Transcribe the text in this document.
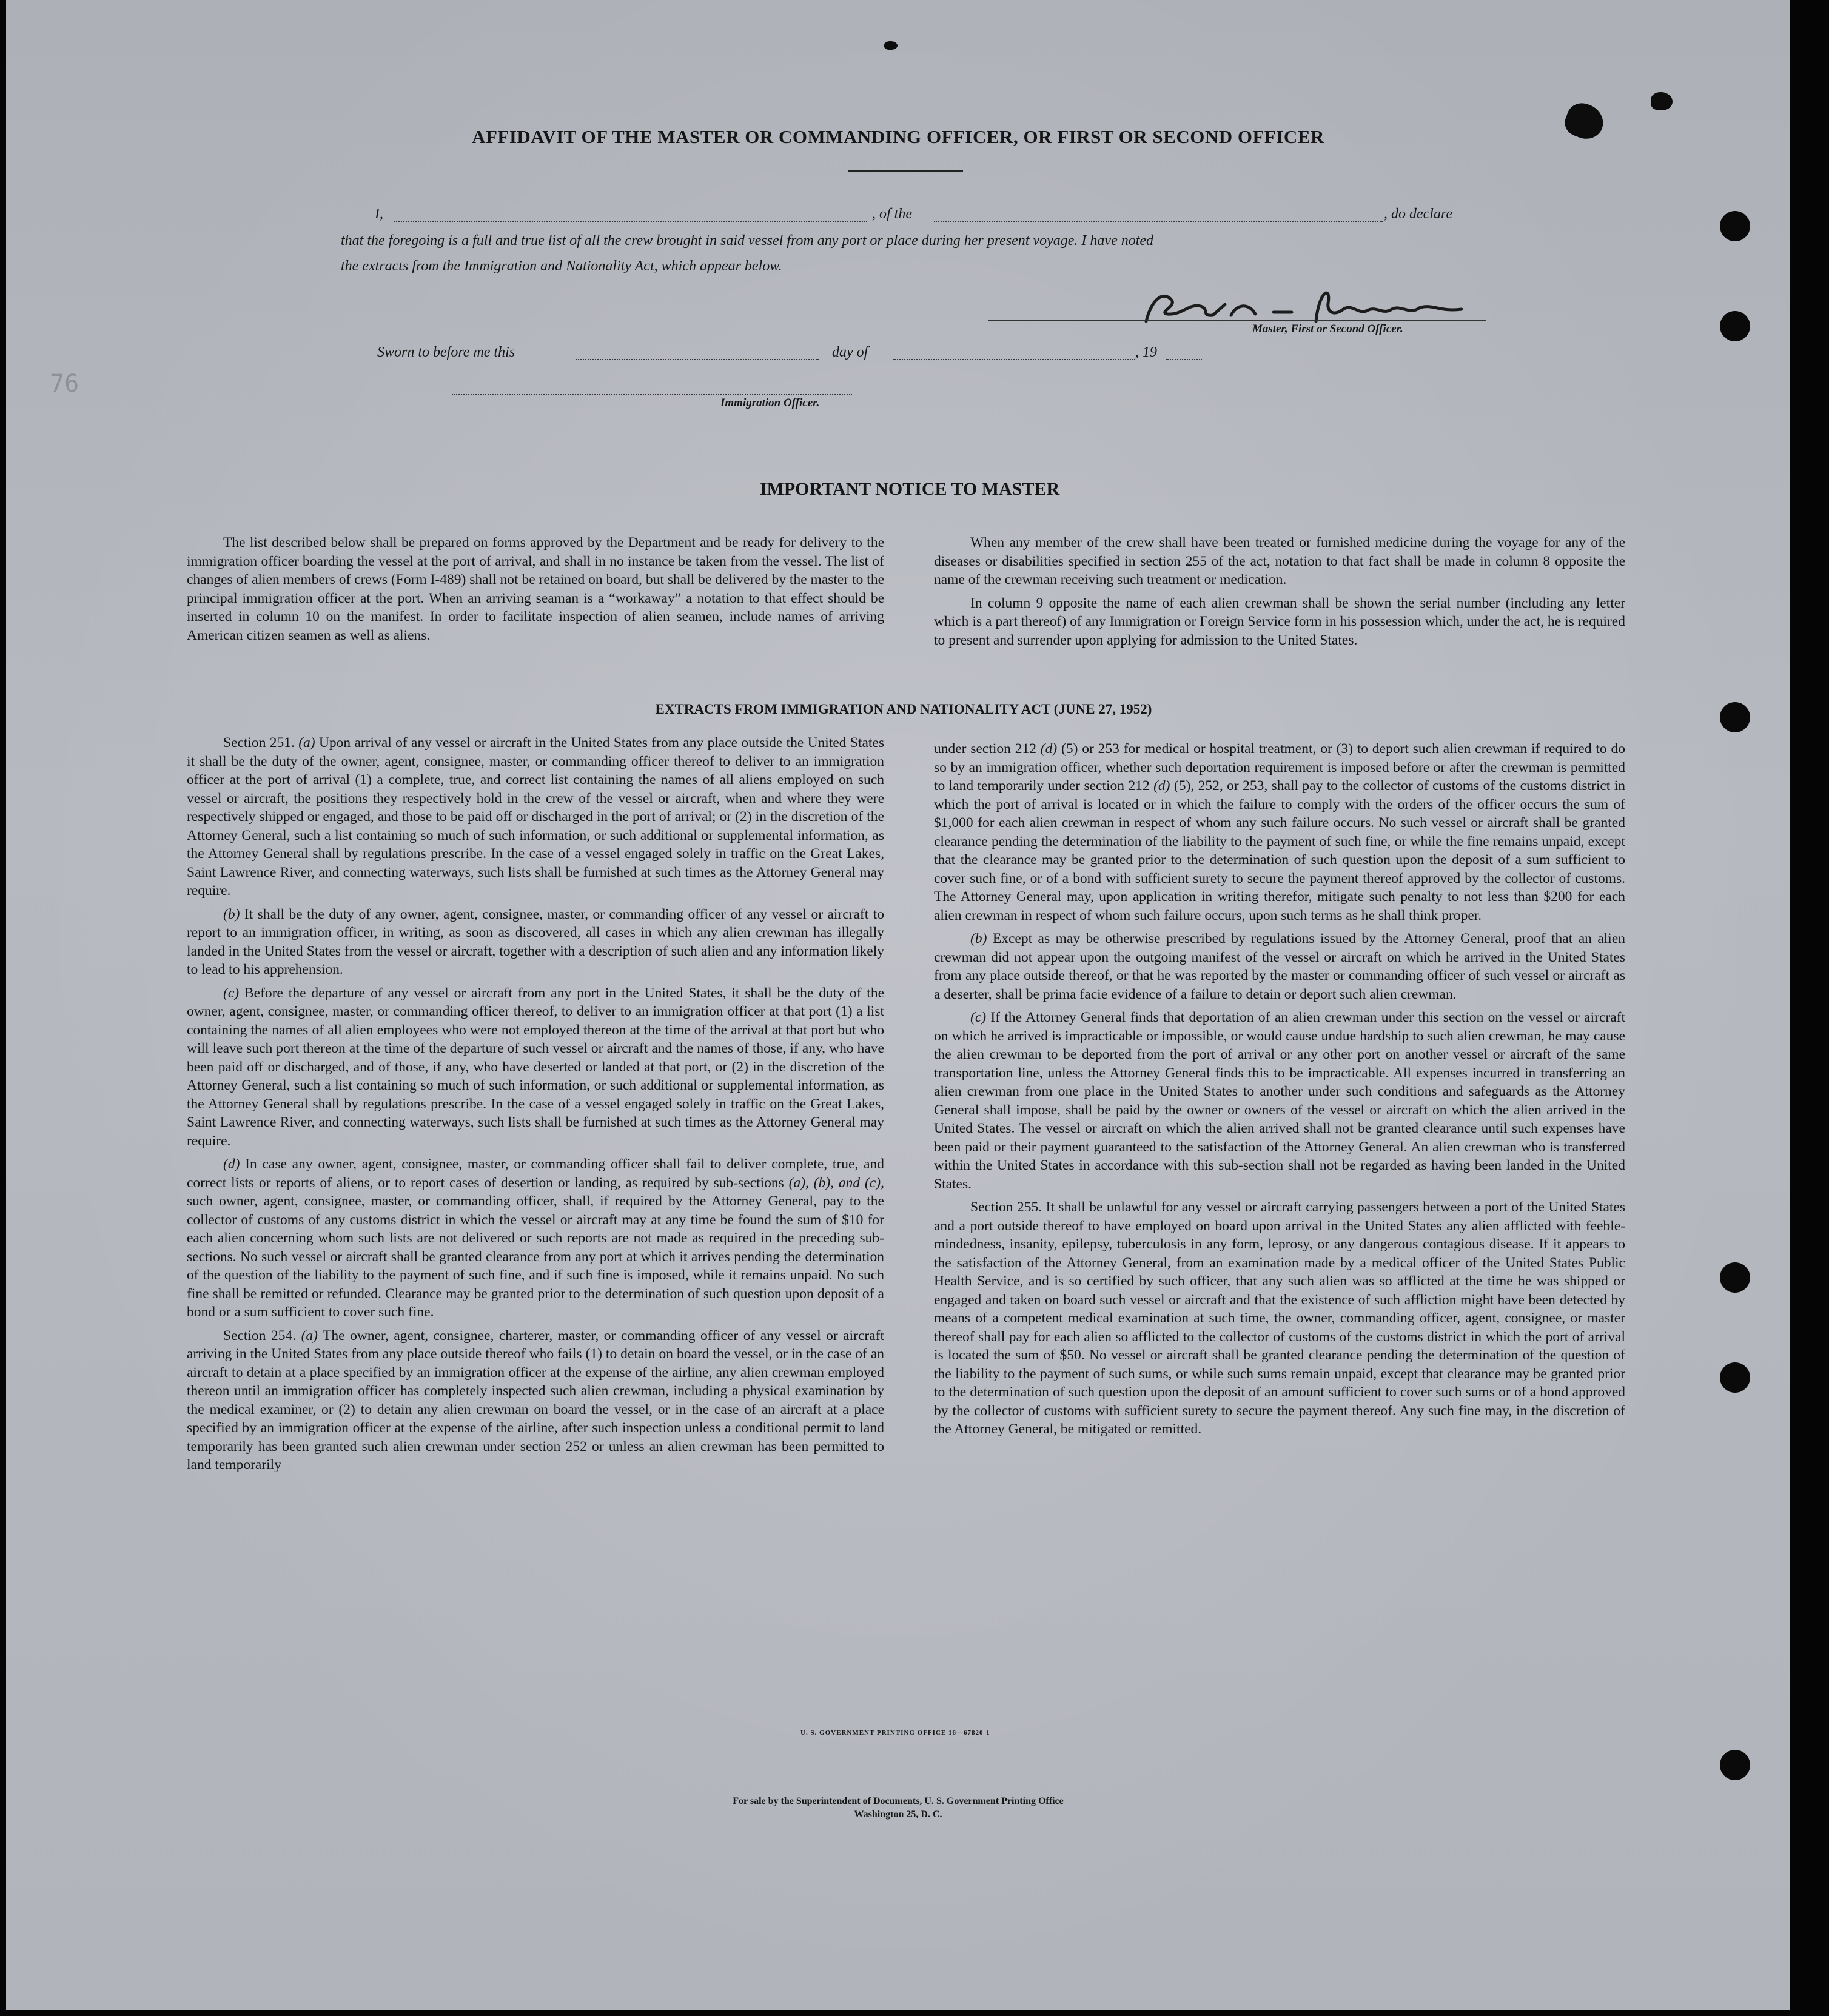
76
AFFIDAVIT OF THE MASTER OR COMMANDING OFFICER, OR FIRST OR SECOND OFFICER
I,	, of the	, do declare
that the foregoing is a full and true list of all the crew brought in said vessel from any port or place during her present voyage. I have noted
the extracts from the Immigration and Nationality Act, which appear below.
Master, First or Second Officer.
Sworn to before me this	day of	, 19
Immigration Officer.
IMPORTANT NOTICE TO MASTER

The list described below shall be prepared on forms approved by the Department and be ready for delivery to the immigration officer boarding the vessel at the port of arrival, and shall in no instance be taken from the vessel. The list of changes of alien members of crews (Form I-489) shall not be retained on board, but shall be delivered by the master to the principal immigration officer at the port. When an arriving seaman is a “workaway” a notation to that effect should be inserted in column 10 on the manifest. In order to facilitate inspection of alien seamen, include names of arriving American citizen seamen as well as aliens.

When any member of the crew shall have been treated or furnished medicine during the voyage for any of the diseases or disabilities specified in section 255 of the act, notation to that fact shall be made in column 8 opposite the name of the crewman receiving such treatment or medication.

In column 9 opposite the name of each alien crewman shall be shown the serial number (including any letter which is a part thereof) of any Immigration or Foreign Service form in his possession which, under the act, he is required to present and surrender upon applying for admission to the United States.

EXTRACTS FROM IMMIGRATION AND NATIONALITY ACT (JUNE 27, 1952)

Section 251. (a) Upon arrival of any vessel or aircraft in the United States from any place outside the United States it shall be the duty of the owner, agent, consignee, master, or commanding officer thereof to deliver to an immigration officer at the port of arrival (1) a complete, true, and correct list containing the names of all aliens employed on such vessel or aircraft, the positions they respectively hold in the crew of the vessel or aircraft, when and where they were respectively shipped or engaged, and those to be paid off or discharged in the port of arrival; or (2) in the discretion of the Attorney General, such a list containing so much of such information, or such additional or supplemental information, as the Attorney General shall by regulations prescribe. In the case of a vessel engaged solely in traffic on the Great Lakes, Saint Lawrence River, and connecting waterways, such lists shall be furnished at such times as the Attorney General may require.

(b) It shall be the duty of any owner, agent, consignee, master, or commanding officer of any vessel or aircraft to report to an immigration officer, in writing, as soon as discovered, all cases in which any alien crewman has illegally landed in the United States from the vessel or aircraft, together with a description of such alien and any information likely to lead to his apprehension.

(c) Before the departure of any vessel or aircraft from any port in the United States, it shall be the duty of the owner, agent, consignee, master, or commanding officer thereof, to deliver to an immigration officer at that port (1) a list containing the names of all alien employees who were not employed thereon at the time of the arrival at that port but who will leave such port thereon at the time of the departure of such vessel or aircraft and the names of those, if any, who have been paid off or discharged, and of those, if any, who have deserted or landed at that port, or (2) in the discretion of the Attorney General, such a list containing so much of such information, or such additional or supplemental information, as the Attorney General shall by regulations prescribe. In the case of a vessel engaged solely in traffic on the Great Lakes, Saint Lawrence River, and connecting waterways, such lists shall be furnished at such times as the Attorney General may require.

(d) In case any owner, agent, consignee, master, or commanding officer shall fail to deliver complete, true, and correct lists or reports of aliens, or to report cases of desertion or landing, as required by sub-sections (a), (b), and (c), such owner, agent, consignee, master, or commanding officer, shall, if required by the Attorney General, pay to the collector of customs of any customs district in which the vessel or aircraft may at any time be found the sum of $10 for each alien concerning whom such lists are not delivered or such reports are not made as required in the preceding sub-sections. No such vessel or aircraft shall be granted clearance from any port at which it arrives pending the determination of the question of the liability to the payment of such fine, and if such fine is imposed, while it remains unpaid. No such fine shall be remitted or refunded. Clearance may be granted prior to the determination of such question upon deposit of a bond or a sum sufficient to cover such fine.

Section 254. (a) The owner, agent, consignee, charterer, master, or commanding officer of any vessel or aircraft arriving in the United States from any place outside thereof who fails (1) to detain on board the vessel, or in the case of an aircraft to detain at a place specified by an immigration officer at the expense of the airline, any alien crewman employed thereon until an immigration officer has completely inspected such alien crewman, including a physical examination by the medical examiner, or (2) to detain any alien crewman on board the vessel, or in the case of an aircraft at a place specified by an immigration officer at the expense of the airline, after such inspection unless a conditional permit to land temporarily has been granted such alien crewman under section 252 or unless an alien crewman has been permitted to land temporarily

under section 212 (d) (5) or 253 for medical or hospital treatment, or (3) to deport such alien crewman if required to do so by an immigration officer, whether such deportation requirement is imposed before or after the crewman is permitted to land temporarily under section 212 (d) (5), 252, or 253, shall pay to the collector of customs of the customs district in which the port of arrival is located or in which the failure to comply with the orders of the officer occurs the sum of $1,000 for each alien crewman in respect of whom any such failure occurs. No such vessel or aircraft shall be granted clearance pending the determination of the liability to the payment of such fine, or while the fine remains unpaid, except that the clearance may be granted prior to the determination of such question upon the deposit of a sum sufficient to cover such fine, or of a bond with sufficient surety to secure the payment thereof approved by the collector of customs. The Attorney General may, upon application in writing therefor, mitigate such penalty to not less than $200 for each alien crewman in respect of whom such failure occurs, upon such terms as he shall think proper.

(b) Except as may be otherwise prescribed by regulations issued by the Attorney General, proof that an alien crewman did not appear upon the outgoing manifest of the vessel or aircraft on which he arrived in the United States from any place outside thereof, or that he was reported by the master or commanding officer of such vessel or aircraft as a deserter, shall be prima facie evidence of a failure to detain or deport such alien crewman.

(c) If the Attorney General finds that deportation of an alien crewman under this section on the vessel or aircraft on which he arrived is impracticable or impossible, or would cause undue hardship to such alien crewman, he may cause the alien crewman to be deported from the port of arrival or any other port on another vessel or aircraft of the same transportation line, unless the Attorney General finds this to be impracticable. All expenses incurred in transferring an alien crewman from one place in the United States to another under such conditions and safeguards as the Attorney General shall impose, shall be paid by the owner or owners of the vessel or aircraft on which the alien arrived in the United States. The vessel or aircraft on which the alien arrived shall not be granted clearance until such expenses have been paid or their payment guaranteed to the satisfaction of the Attorney General. An alien crewman who is transferred within the United States in accordance with this sub-section shall not be regarded as having been landed in the United States.

Section 255. It shall be unlawful for any vessel or aircraft carrying passengers between a port of the United States and a port outside thereof to have employed on board upon arrival in the United States any alien afflicted with feeble-mindedness, insanity, epilepsy, tuberculosis in any form, leprosy, or any dangerous contagious disease. If it appears to the satisfaction of the Attorney General, from an examination made by a medical officer of the United States Public Health Service, and is so certified by such officer, that any such alien was so afflicted at the time he was shipped or engaged and taken on board such vessel or aircraft and that the existence of such affliction might have been detected by means of a competent medical examination at such time, the owner, commanding officer, agent, consignee, or master thereof shall pay for each alien so afflicted to the collector of customs of the customs district in which the port of arrival is located the sum of $50. No vessel or aircraft shall be granted clearance pending the determination of the question of the liability to the payment of such sums, or while such sums remain unpaid, except that clearance may be granted prior to the determination of such question upon the deposit of an amount sufficient to cover such sums or of a bond approved by the collector of customs with sufficient surety to secure the payment thereof. Any such fine may, in the discretion of the Attorney General, be mitigated or remitted.

U. S. GOVERNMENT PRINTING OFFICE 16—67820-1
For sale by the Superintendent of Documents, U. S. Government Printing Office
Washington 25, D. C.
